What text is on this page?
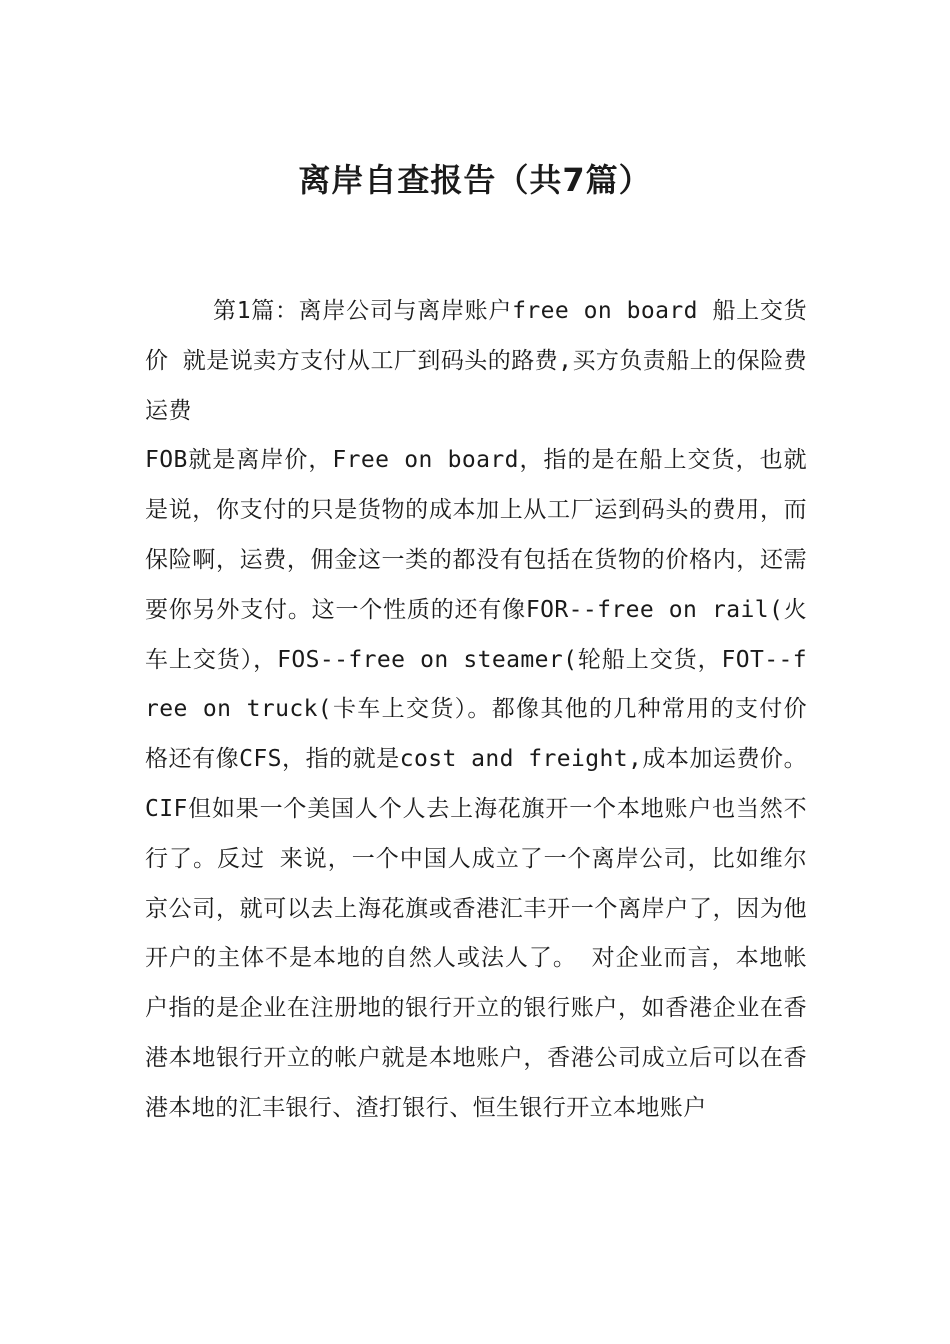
离岸自查报告（共7篇）

第1篇：离岸公司与离岸账户free on board 船上交货价 就是说卖方支付从工厂到码头的路费,买方负责船上的保险费 运费

FOB就是离岸价，Free on board，指的是在船上交货，也就是说，你支付的只是货物的成本加上从工厂运到码头的费用，而保险啊，运费，佣金这一类的都没有包括在货物的价格内，还需要你另外支付。这一个性质的还有像FOR--free on rail(火车上交货），FOS--free on steamer(轮船上交货，FOT--free on truck(卡车上交货）。都像其他的几种常用的支付价格还有像CFS，指的就是cost and freight,成本加运费价。CIF但如果一个美国人个人去上海花旗开一个本地账户也当然不行了。反过 来说，一个中国人成立了一个离岸公司，比如维尔京公司，就可以去上海花旗或香港汇丰开一个离岸户了，因为他开户的主体不是本地的自然人或法人了。 对企业而言，本地帐户指的是企业在注册地的银行开立的银行账户，如香港企业在香港本地银行开立的帐户就是本地账户，香港公司成立后可以在香港本地的汇丰银行、渣打银行、恒生银行开立本地账户
